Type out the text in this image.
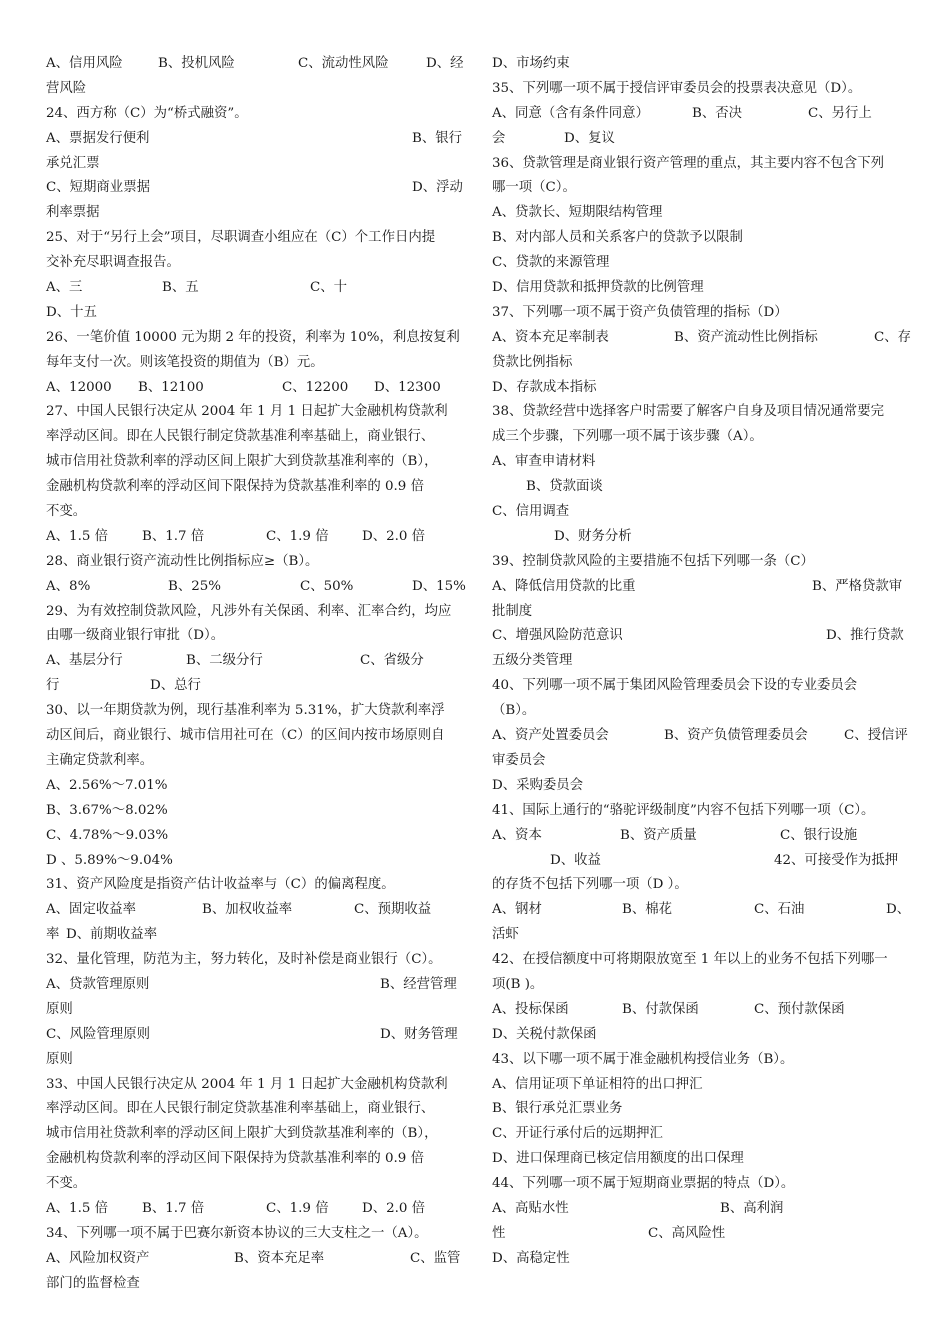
A、信用风险	B、投机风险	C、流动性风险	D、经
营风险
24、西方称（C）为“桥式融资”。
A、票据发行便利	B、银行
承兑汇票
C、短期商业票据	D、浮动
利率票据
25、对于“另行上会”项目，尽职调查小组应在（C）个工作日内提
交补充尽职调查报告。
A、三	B、五	C、十
D、十五
26、一笔价值 10000 元为期 2 年的投资，利率为 10%，利息按复利
每年支付一次。则该笔投资的期值为（B）元。
A、12000 B、12100	C、12200 D、12300
27、中国人民银行决定从 2004 年 1 月 1 日起扩大金融机构贷款利
率浮动区间。即在人民银行制定贷款基准利率基础上，商业银行、
城市信用社贷款利率的浮动区间上限扩大到贷款基准利率的（B），
金融机构贷款利率的浮动区间下限保持为贷款基准利率的 0.9 倍
不变。
A、1.5 倍	B、1.7 倍	C、1.9 倍 D、2.0 倍
28、商业银行资产流动性比例指标应≥（B）。
A、8%	B、25%	C、50%	D、15%
29、为有效控制贷款风险，凡涉外有关保函、利率、汇率合约，均应
由哪一级商业银行审批（D）。
A、基层分行	B、二级分行	C、省级分
行	D、总行
30、以一年期贷款为例，现行基准利率为 5.31%，扩大贷款利率浮
动区间后，商业银行、城市信用社可在（C）的区间内按市场原则自
主确定贷款利率。
A、2.56%～7.01%
B、3.67%～8.02%
C、4.78%～9.03%
D 、5.89%～9.04%
31、资产风险度是指资产估计收益率与（C）的偏离程度。
A、固定收益率	B、加权收益率	C、预期收益
率 D、前期收益率
32、量化管理，防范为主，努力转化，及时补偿是商业银行（C）。
A、贷款管理原则	B、经营管理
原则
C、风险管理原则	D、财务管理
原则
33、中国人民银行决定从 2004 年 1 月 1 日起扩大金融机构贷款利
率浮动区间。即在人民银行制定贷款基准利率基础上，商业银行、
城市信用社贷款利率的浮动区间上限扩大到贷款基准利率的（B），
金融机构贷款利率的浮动区间下限保持为贷款基准利率的 0.9 倍
不变。
A、1.5 倍	B、1.7 倍	C、1.9 倍 D、2.0 倍
34、下列哪一项不属于巴赛尔新资本协议的三大支柱之一（A）。
A、风险加权资产	B、资本充足率	C、监管
部门的监督检查
D、市场约束
35、下列哪一项不属于授信评审委员会的投票表决意见（D）。
A、同意（含有条件同意）	B、否决	C、另行上
会	D、复议
36、贷款管理是商业银行资产管理的重点，其主要内容不包含下列
哪一项（C）。
A、贷款长、短期限结构管理
B、对内部人员和关系客户的贷款予以限制
C、贷款的来源管理
D、信用贷款和抵押贷款的比例管理
37、下列哪一项不属于资产负债管理的指标（D）
A、资本充足率制表	B、资产流动性比例指标	C、存
贷款比例指标
D、存款成本指标
38、贷款经营中选择客户时需要了解客户自身及项目情况通常要完
成三个步骤，下列哪一项不属于该步骤（A）。
A、审查申请材料
B、贷款面谈
C、信用调查
D、财务分析
39、控制贷款风险的主要措施不包括下列哪一条（C）
A、降低信用贷款的比重	B、严格贷款审
批制度
C、增强风险防范意识	D、推行贷款
五级分类管理
40、下列哪一项不属于集团风险管理委员会下设的专业委员会
（B）。
A、资产处置委员会	B、资产负债管理委员会	C、授信评
审委员会
D、采购委员会
41、国际上通行的“骆驼评级制度”内容不包括下列哪一项（C）。
A、资本	B、资产质量	C、银行设施
D、收益	42、可接受作为抵押
的存货不包括下列哪一项（D ）。
A、钢材	B、棉花	C、石油	D、
活虾
42、在授信额度中可将期限放宽至 1 年以上的业务不包括下列哪一
项(B )。
A、投标保函	B、付款保函	C、预付款保函
D、关税付款保函
43、以下哪一项不属于准金融机构授信业务（B）。
A、信用证项下单证相符的出口押汇
B、银行承兑汇票业务
C、开证行承付后的远期押汇
D、进口保理商已核定信用额度的出口保理
44、下列哪一项不属于短期商业票据的特点（D）。
A、高贴水性	B、高利润
性	C、高风险性
D、高稳定性
